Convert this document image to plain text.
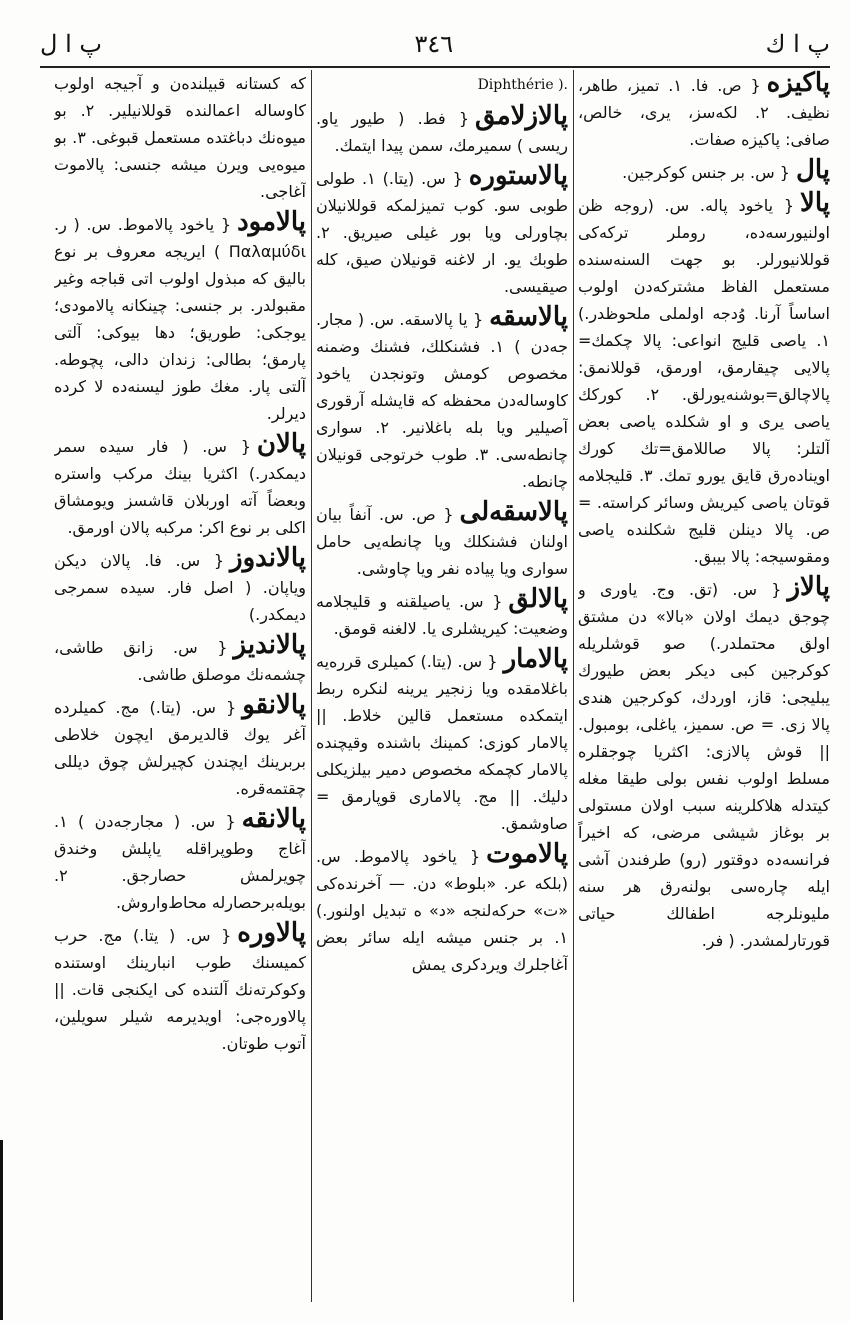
پ ا ل	٣٤٦	پ ا ك
پاکیزه{ ص. فا. ۱. تمیز، طاهر، نظیف. ۲. لکه‌سز، یری، خالص، صافی: پاکیزه صفات.
پال{ س. بر جنس کوکرجین.
پالا{ یاخود پاله. س. (روجه ظن اولنیورسه‌ده، روملر ترکه‌کی قوللانیورلر. بو جهت السنه‌سنده مستعمل الفاظ مشترکه‌دن اولوب اساساً آرنا. وُدجه اولملی ملحوظدر.) ۱. یاصی قلیج انواعی: پالا چکمك= پالایی چیقارمق، اورمق، قوللانمق: پالاچالق=بوشنه‌یورلق. ۲. کورکك یاصی یری و او شکلده یاصی بعض آلتلر: پالا صاللامق=تك کورك اوینادەرق قایق یورو تمك. ۳. قلیجلامه قوتان یاصی کیریش وسائر کراسته. = ص. پالا دینلن قلیج شکلنده یاصی ومقوسیجه: پالا بیبق.
پالاز{ س. (تق. وج. یاوری و چوجق دیمك اولان «بالا» دن مشتق اولق محتملدر.) صو قوشلریله کوکرجین کبی دیکر بعض طیورك یبلیجی: قاز، اوردك، کوکرجین هندی پالا زی. = ص. سمیز، یاغلی، بومبول. || قوش پالازی: اکثریا چوجقلره مسلط اولوب نفس بولی طیقا مغله کیتدله هلاکلرینه سبب اولان مستولی بر بوغاز شیشی مرضی، که اخیراً فرانسه‌ده دوقتور (رو) طرفندن آشی ایله چاره‌سی بولنه‌رق هر سنه ملیونلرجه اطفالك حیاتی قورتارلمشدر. ( فر.
Diphthérie ).
پالازلامق{ فط. ( طیور یاو. ریسی ) سمیرمك، سمن پیدا ایتمك.
پالاستوره{ س. (یتا.) ۱. طولی طوبی سو. کوب تمیزلمکه قوللانیلان بچاورلی ویا بور غیلی صیریق. ۲. طوبك یو. ار لاغنه قونیلان صیق، کله صیقیسی.
پالاسقه{ یا پالاسقه. س. ( مجار. جه‌دن ) ۱. فشنکلك، فشنك وضمنه مخصوص کومش وتونجدن یاخود کاوساله‌دن محفظه که قایشله آرقوری آصیلیر ویا بله باغلانیر. ۲. سواری چانطه‌سی. ۳. طوب خرتوجی قونیلان چانطه.
پالاسقه‌لی{ ص. س. آنفاً بیان اولنان فشنکلك ویا چانطه‌یی حامل سواری ویا پیاده نفر ویا چاوشی.
پالالق{ س. یاصیلقنه و قلیجلامه وضعیت: کیریشلری یا. لالغنه قومق.
پالامار{ س. (یتا.) کمیلری قرره‌یه باغلامقده ویا زنجیر یرینه لنکره ربط ایتمکده مستعمل قالین خلاط. || پالامار کوزی: کمینك باشنده وقیچنده پالامار کچمکه مخصوص دمیر بیلزیکلی دلیك. || مج. پالاماری قوپارمق = صاوشمق.
پالاموت{ یاخود پالاموط. س. (بلکه عر. «بلوط» دن. — آخرنده‌کی «ت» حرکه‌لنجه «د» ه تبدیل اولنور.) ۱. بر جنس میشه ایله سائر بعض آغاجلرك ویردکری یمش
که کستانه قبیلنده‌ن و آجیجه اولوب کاوساله اعمالنده قوللانیلیر. ۲. بو میوه‌نك دباغتده مستعمل قبوغی. ۳. بو میوه‌یی ویرن میشه جنسی: پالاموت آغاجی.
پالامود{ یاخود پالاموط. س. ( ر. Παλαμύδι ) ایریجه معروف بر نوع بالیق که مبذول اولوب اتی قباجه وغیر مقبولدر. بر جنسی: چینکانه پالامودی؛ یوجکی: طوریق؛ دها بیوکی: آلتی پارمق؛ بطالی: زندان دالی، پچوطه. آلتی پار. مغك طوز لیسنه‌ده لا کرده دیرلر.
پالان{ س. ( فار سیده سمر دیمکدر.) اکثریا بینك مرکب واستره وبعضاً آته اوربلان قاشسز ویومشاق اکلی بر نوع اکر: مرکبه پالان اورمق.
پالاندوز{ س. فا. پالان دیکن ویاپان. ( اصل فار. سیده سمرجی دیمکدر.)
پالاندیز{ س. زانق طاشی، چشمه‌نك موصلق طاشی.
پالانقو{ س. (یتا.) مج. کمیلرده آغر یوك قالدیرمق ایچون خلاطی بربرینك ایچندن کچیرلش چوق دیللی چقتمه‌قره.
پالانقه{ س. ( مجارجه‌دن ) ۱. آغاج وطوپراقله یاپلش وخندق چویرلمش حصارجق. ۲. بویله‌برحصارله محاط‌واروش.
پالاوره{ س. ( یتا.) مج. حرب کمیسنك طوب انبارینك اوستنده وکوکرته‌نك آلتنده کی ایکنجی قات. || پالاوره‌جی: اویدیرمه شیلر سویلین، آتوب طوتان.
